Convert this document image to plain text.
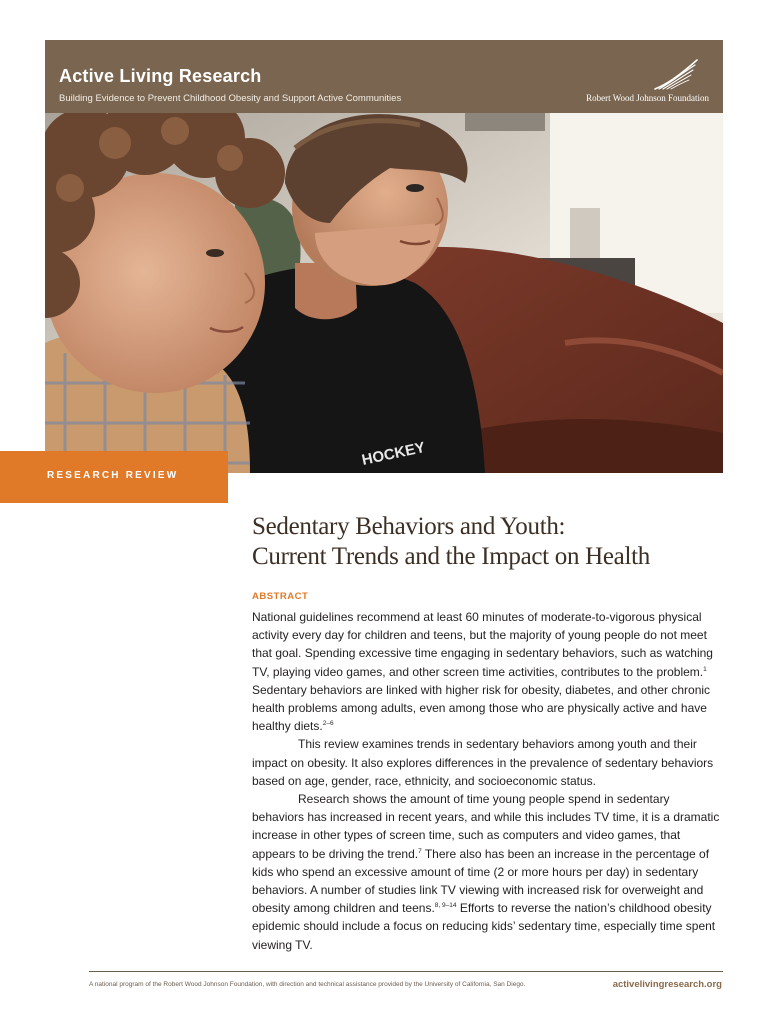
Active Living Research

Building Evidence to Prevent Childhood Obesity and Support Active Communities	Robert Wood Johnson Foundation
HOCKEY

RESEARCH REVIEW

Sedentary Behaviors and Youth:
Current Trends and the Impact on Health

ABSTRACT

National guidelines recommend at least 60 minutes of moderate-to-vigorous physical activity every day for children and teens, but the majority of young people do not meet that goal. Spending excessive time engaging in sedentary behaviors, such as watching TV, playing video games, and other screen time activities, contributes to the problem.$^1$ Sedentary behaviors are linked with higher risk for obesity, diabetes, and other chronic health problems among adults, even among those who are physically active and have healthy diets.$^{2-6}$

This review examines trends in sedentary behaviors among youth and their impact on obesity. It also explores differences in the prevalence of sedentary behaviors based on age, gender, race, ethnicity, and socioeconomic status.

Research shows the amount of time young people spend in sedentary behaviors has increased in recent years, and while this includes TV time, it is a dramatic increase in other types of screen time, such as computers and video games, that appears to be driving the trend.$^7$ There also has been an increase in the percentage of kids who spend an excessive amount of time (2 or more hours per day) in sedentary behaviors. A number of studies link TV viewing with increased risk for overweight and obesity among children and teens.$^{8, 9-14}$ Efforts to reverse the nation’s childhood obesity epidemic should include a focus on reducing kids’ sedentary time, especially time spent viewing TV.

A national program of the Robert Wood Johnson Foundation, with direction and technical assistance provided by the University of California, San Diego.	activelivingresearch.org
